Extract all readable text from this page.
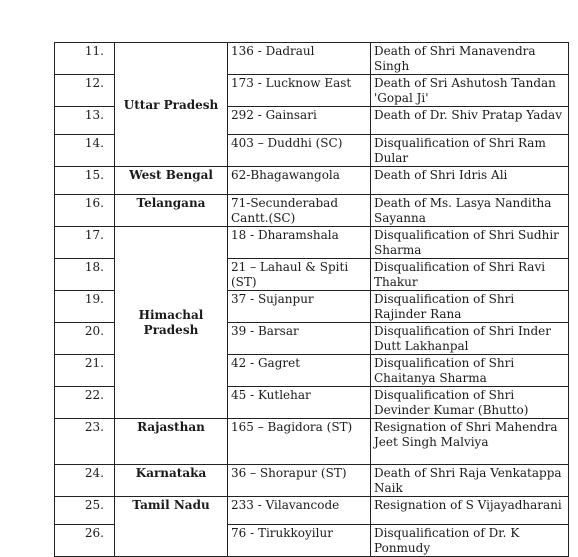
11.	Uttar Pradesh	136 - Dadraul	Death of Shri Manavendra Singh
12.		173 - Lucknow East	Death of Sri Ashutosh Tandan 'Gopal Ji'
13.		292 - Gainsari	Death of Dr. Shiv Pratap Yadav
14.		403 – Duddhi (SC)	Disqualification of Shri Ram Dular
15.	West Bengal	62-Bhagawangola	Death of Shri Idris Ali
16.	Telangana	71-Secunderabad Cantt.(SC)	Death of Ms. Lasya Nanditha Sayanna
17.	Himachal Pradesh	18 - Dharamshala	Disqualification of Shri Sudhir Sharma
18.		21 – Lahaul & Spiti (ST)	Disqualification of Shri Ravi Thakur
19.		37 - Sujanpur	Disqualification of Shri Rajinder Rana
20.		39 - Barsar	Disqualification of Shri Inder Dutt Lakhanpal
21.		42 - Gagret	Disqualification of Shri Chaitanya Sharma
22.		45 - Kutlehar	Disqualification of Shri Devinder Kumar (Bhutto)
23.	Rajasthan	165 – Bagidora (ST)	Resignation of Shri Mahendra Jeet Singh Malviya
24.	Karnataka	36 – Shorapur (ST)	Death of Shri Raja Venkatappa Naik
25.	Tamil Nadu	233 - Vilavancode	Resignation of S Vijayadharani
26.		76 - Tirukkoyilur	Disqualification of Dr. K Ponmudy
